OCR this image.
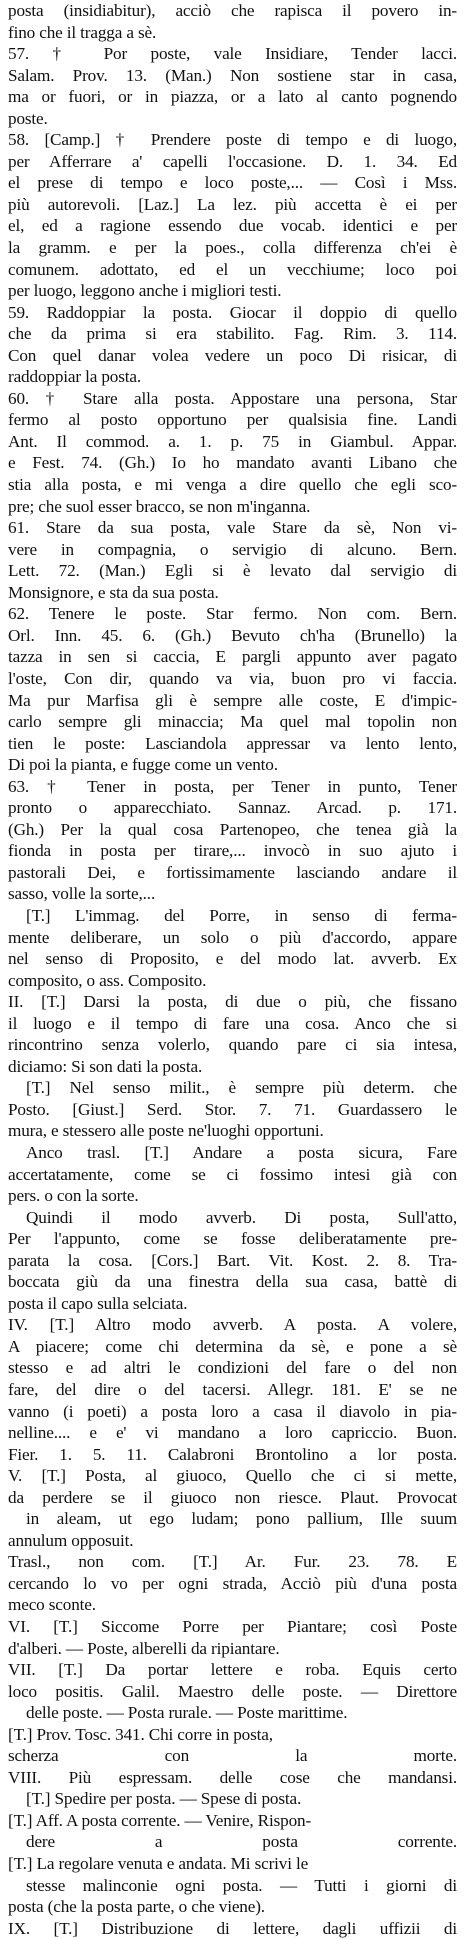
posta (insidiabitur), acciò che rapisca il povero in-
fino che il tragga a sè.
57. † Por poste, vale Insidiare, Tender lacci.
Salam. Prov. 13. (Man.) Non sostiene star in casa,
ma or fuori, or in piazza, or a lato al canto pognendo
poste.
58. [Camp.] † Prendere poste di tempo e di luogo,
per Afferrare a' capelli l'occasione. D. 1. 34. Ed
el prese di tempo e loco poste,... — Così i Mss.
più autorevoli. [Laz.] La lez. più accetta è ei per
el, ed a ragione essendo due vocab. identici e per
la gramm. e per la poes., colla differenza ch'ei è
comunem. adottato, ed el un vecchiume; loco poi
per luogo, leggono anche i migliori testi.
59. Raddoppiar la posta. Giocar il doppio di quello
che da prima si era stabilito. Fag. Rim. 3. 114.
Con quel danar volea vedere un poco Di risicar, di
raddoppiar la posta.
60. † Stare alla posta. Appostare una persona, Star
fermo al posto opportuno per qualsisia fine. Landi
Ant. Il commod. a. 1. p. 75 in Giambul. Appar.
e Fest. 74. (Gh.) Io ho mandato avanti Libano che
stia alla posta, e mi venga a dire quello che egli sco-
pre; che suol esser bracco, se non m'inganna.
61. Stare da sua posta, vale Stare da sè, Non vi-
vere in compagnia, o servigio di alcuno. Bern.
Lett. 72. (Man.) Egli si è levato dal servigio di
Monsignore, e sta da sua posta.
62. Tenere le poste. Star fermo. Non com. Bern.
Orl. Inn. 45. 6. (Gh.) Bevuto ch'ha (Brunello) la
tazza in sen si caccia, E pargli appunto aver pagato
l'oste, Con dir, quando va via, buon pro vi faccia.
Ma pur Marfisa gli è sempre alle coste, E d'impic-
carlo sempre gli minaccia; Ma quel mal topolin non
tien le poste: Lasciandola appressar va lento lento,
Di poi la pianta, e fugge come un vento.
63. † Tener in posta, per Tener in punto, Tener
pronto o apparecchiato. Sannaz. Arcad. p. 171.
(Gh.) Per la qual cosa Partenopeo, che tenea già la
fionda in posta per tirare,... invocò in suo ajuto i
pastorali Dei, e fortissimamente lasciando andare il
sasso, volle la sorte,...
[T.] L'immag. del Porre, in senso di ferma-
mente deliberare, un solo o più d'accordo, appare
nel senso di Proposito, e del modo lat. avverb. Ex
composito, o ass. Composito.
II. [T.] Darsi la posta, di due o più, che fissano
il luogo e il tempo di fare una cosa. Anco che si
rincontrino senza volerlo, quando pare ci sia intesa,
diciamo: Si son dati la posta.
[T.] Nel senso milit., è sempre più determ. che
Posto. [Giust.] Serd. Stor. 7. 71. Guardassero le
mura, e stessero alle poste ne'luoghi opportuni.
Anco trasl. [T.] Andare a posta sicura, Fare
accertatamente, come se ci fossimo intesi già con
pers. o con la sorte.
Quindi il modo avverb. Di posta, Sull'atto,
Per l'appunto, come se fosse deliberatamente pre-
parata la cosa. [Cors.] Bart. Vit. Kost. 2. 8. Tra-
boccata giù da una finestra della sua casa, battè di
posta il capo sulla selciata.
IV. [T.] Altro modo avverb. A posta. A volere,
A piacere; come chi determina da sè, e pone a sè
stesso e ad altri le condizioni del fare o del non
fare, del dire o del tacersi. Allegr. 181. E' se ne
vanno (i poeti) a posta loro a casa il diavolo in pia-
nelline.... e e' vi mandano a loro capriccio. Buon.
Fier. 1. 5. 11. Calabroni Brontolino a lor posta.
V. [T.] Posta, al giuoco, Quello che ci si mette,
da perdere se il giuoco non riesce. Plaut. Provocat
in aleam, ut ego ludam; pono pallium, Ille suum
annulum opposuit.
Trasl., non com. [T.] Ar. Fur. 23. 78. E
cercando lo vo per ogni strada, Acciò più d'una posta
meco sconte.
VI. [T.] Siccome Porre per Piantare; così Poste
d'alberi. — Poste, alberelli da ripiantare.
VII. [T.] Da portar lettere e roba. Equis certo
loco positis. Galil. Maestro delle poste. — Direttore
delle poste. — Posta rurale. — Poste marittime.
[T.] Prov. Tosc. 341. Chi corre in posta,
scherza con la morte.
VIII. Più espressam. delle cose che mandansi.
[T.] Spedire per posta. — Spese di posta.
[T.] Aff. A posta corrente. — Venire, Rispon-
dere a posta corrente.
[T.] La regolare venuta e andata. Mi scrivi le
stesse malinconie ogni posta. — Tutti i giorni di
posta (che la posta parte, o che viene).
IX. [T.] Distribuzione di lettere, dagli uffizii di
